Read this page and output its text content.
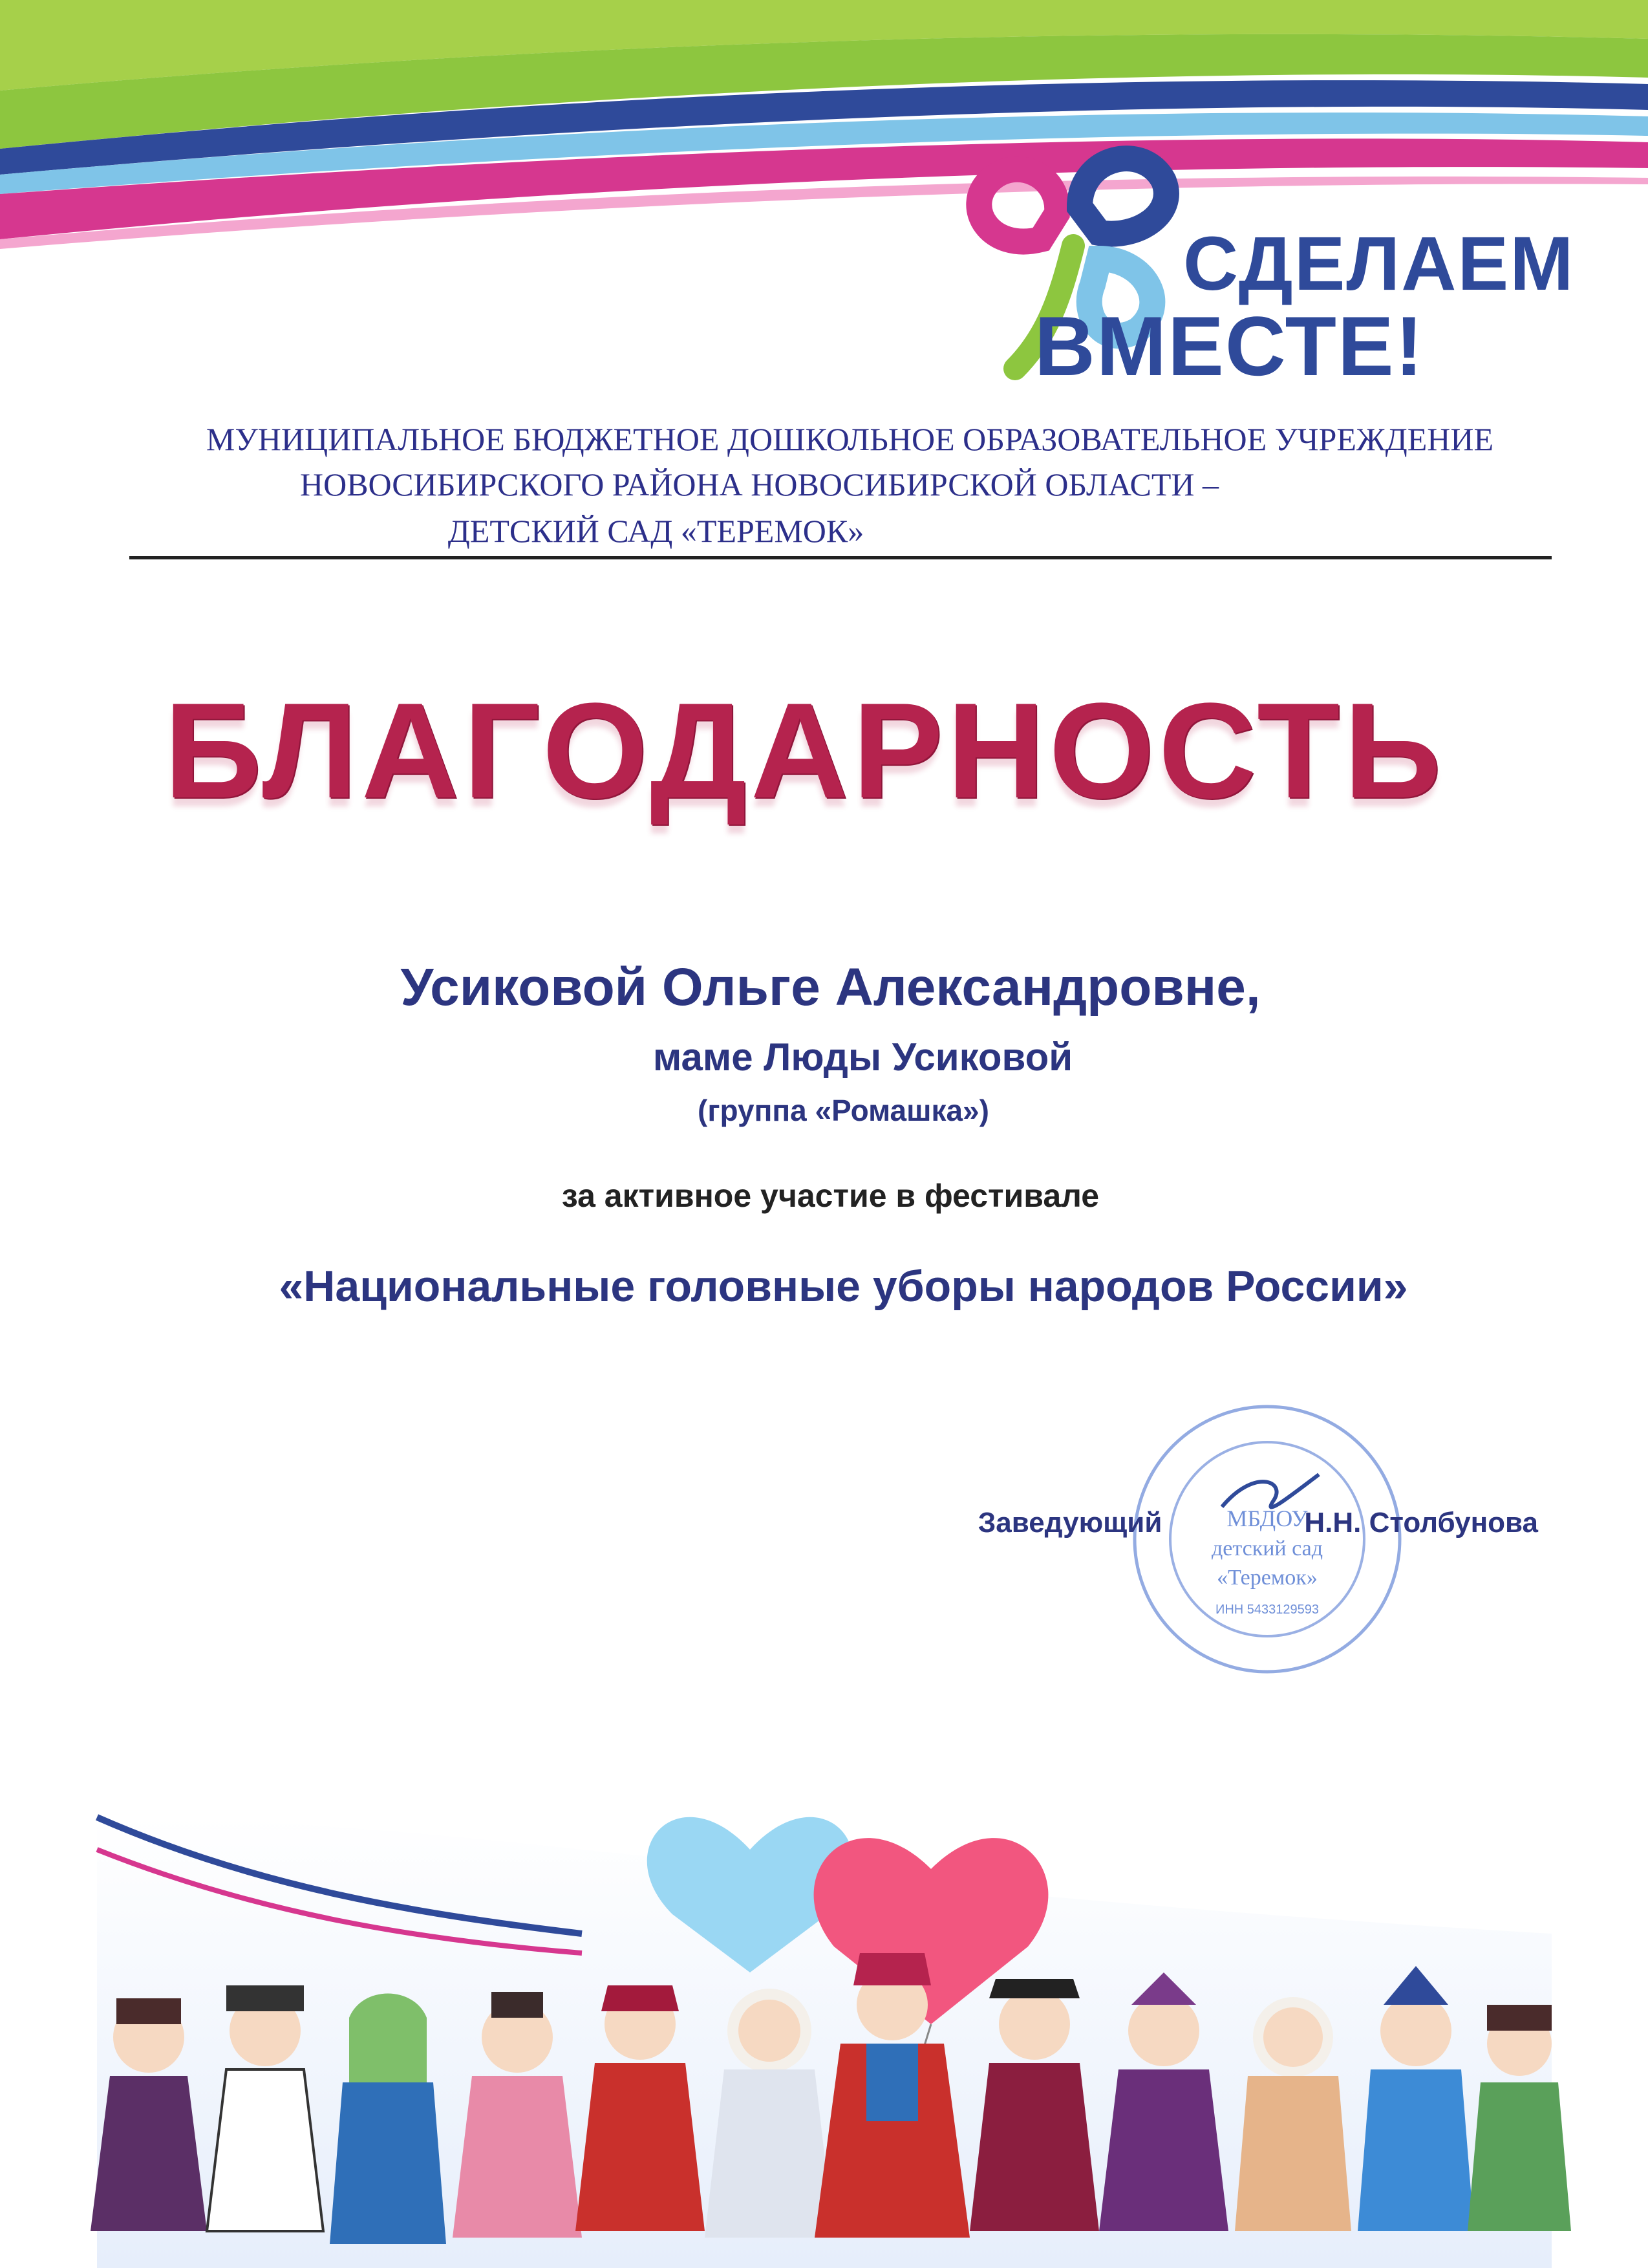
СДЕЛАЕМ
ВМЕСТЕ!
МУНИЦИПАЛЬНОЕ БЮДЖЕТНОЕ ДОШКОЛЬНОЕ ОБРАЗОВАТЕЛЬНОЕ УЧРЕЖДЕНИЕ
НОВОСИБИРСКОГО РАЙОНА НОВОСИБИРСКОЙ ОБЛАСТИ –
ДЕТСКИЙ САД «ТЕРЕМОК»
БЛАГОДАРНОСТЬ
Усиковой Ольге Александровне,
маме Люды Усиковой
(группа «Ромашка»)
за активное участие в фестивале
«Национальные головные уборы народов России»
МБДОУ
детский сад
«Теремок»
ИНН 5433129593
Заведующий	Н.Н. Столбунова
